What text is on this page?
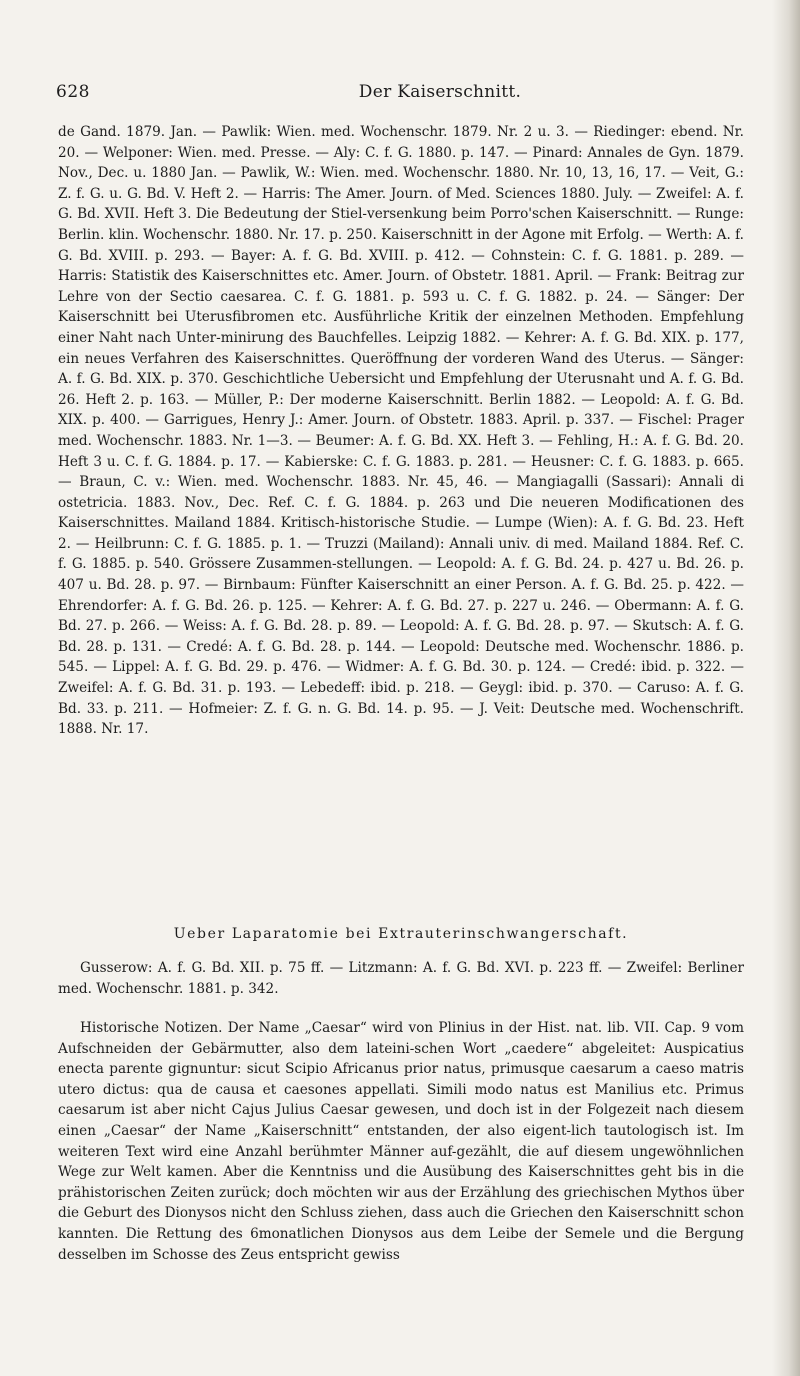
628	Der Kaiserschnitt.

de Gand. 1879. Jan. — Pawlik: Wien. med. Wochenschr. 1879. Nr. 2 u. 3. — Riedinger: ebend. Nr. 20. — Welponer: Wien. med. Presse. — Aly: C. f. G. 1880. p. 147. — Pinard: Annales de Gyn. 1879. Nov., Dec. u. 1880 Jan. — Pawlik, W.: Wien. med. Wochenschr. 1880. Nr. 10, 13, 16, 17. — Veit, G.: Z. f. G. u. G. Bd. V. Heft 2. — Harris: The Amer. Journ. of Med. Sciences 1880. July. — Zweifel: A. f. G. Bd. XVII. Heft 3. Die Bedeutung der Stiel-versenkung beim Porro'schen Kaiserschnitt. — Runge: Berlin. klin. Wochenschr. 1880. Nr. 17. p. 250. Kaiserschnitt in der Agone mit Erfolg. — Werth: A. f. G. Bd. XVIII. p. 293. — Bayer: A. f. G. Bd. XVIII. p. 412. — Cohnstein: C. f. G. 1881. p. 289. — Harris: Statistik des Kaiserschnittes etc. Amer. Journ. of Obstetr. 1881. April. — Frank: Beitrag zur Lehre von der Sectio caesarea. C. f. G. 1881. p. 593 u. C. f. G. 1882. p. 24. — Sänger: Der Kaiserschnitt bei Uterusfibromen etc. Ausführliche Kritik der einzelnen Methoden. Empfehlung einer Naht nach Unter-minirung des Bauchfelles. Leipzig 1882. — Kehrer: A. f. G. Bd. XIX. p. 177, ein neues Verfahren des Kaiserschnittes. Queröffnung der vorderen Wand des Uterus. — Sänger: A. f. G. Bd. XIX. p. 370. Geschichtliche Uebersicht und Empfehlung der Uterusnaht und A. f. G. Bd. 26. Heft 2. p. 163. — Müller, P.: Der moderne Kaiserschnitt. Berlin 1882. — Leopold: A. f. G. Bd. XIX. p. 400. — Garrigues, Henry J.: Amer. Journ. of Obstetr. 1883. April. p. 337. — Fischel: Prager med. Wochenschr. 1883. Nr. 1—3. — Beumer: A. f. G. Bd. XX. Heft 3. — Fehling, H.: A. f. G. Bd. 20. Heft 3 u. C. f. G. 1884. p. 17. — Kabierske: C. f. G. 1883. p. 281. — Heusner: C. f. G. 1883. p. 665. — Braun, C. v.: Wien. med. Wochenschr. 1883. Nr. 45, 46. — Mangiagalli (Sassari): Annali di ostetricia. 1883. Nov., Dec. Ref. C. f. G. 1884. p. 263 und Die neueren Modificationen des Kaiserschnittes. Mailand 1884. Kritisch-historische Studie. — Lumpe (Wien): A. f. G. Bd. 23. Heft 2. — Heilbrunn: C. f. G. 1885. p. 1. — Truzzi (Mailand): Annali univ. di med. Mailand 1884. Ref. C. f. G. 1885. p. 540. Grössere Zusammen-stellungen. — Leopold: A. f. G. Bd. 24. p. 427 u. Bd. 26. p. 407 u. Bd. 28. p. 97. — Birnbaum: Fünfter Kaiserschnitt an einer Person. A. f. G. Bd. 25. p. 422. — Ehrendorfer: A. f. G. Bd. 26. p. 125. — Kehrer: A. f. G. Bd. 27. p. 227 u. 246. — Obermann: A. f. G. Bd. 27. p. 266. — Weiss: A. f. G. Bd. 28. p. 89. — Leopold: A. f. G. Bd. 28. p. 97. — Skutsch: A. f. G. Bd. 28. p. 131. — Credé: A. f. G. Bd. 28. p. 144. — Leopold: Deutsche med. Wochenschr. 1886. p. 545. — Lippel: A. f. G. Bd. 29. p. 476. — Widmer: A. f. G. Bd. 30. p. 124. — Credé: ibid. p. 322. — Zweifel: A. f. G. Bd. 31. p. 193. — Lebedeff: ibid. p. 218. — Geygl: ibid. p. 370. — Caruso: A. f. G. Bd. 33. p. 211. — Hofmeier: Z. f. G. n. G. Bd. 14. p. 95. — J. Veit: Deutsche med. Wochenschrift. 1888. Nr. 17.

Ueber Laparatomie bei Extrauterinschwangerschaft.

Gusserow: A. f. G. Bd. XII. p. 75 ff. — Litzmann: A. f. G. Bd. XVI. p. 223 ff. — Zweifel: Berliner med. Wochenschr. 1881. p. 342.

Historische Notizen. Der Name „Caesar“ wird von Plinius in der Hist. nat. lib. VII. Cap. 9 vom Aufschneiden der Gebärmutter, also dem lateini-schen Wort „caedere“ abgeleitet: Auspicatius enecta parente gignuntur: sicut Scipio Africanus prior natus, primusque caesarum a caeso matris utero dictus: qua de causa et caesones appellati. Simili modo natus est Manilius etc. Primus caesarum ist aber nicht Cajus Julius Caesar gewesen, und doch ist in der Folgezeit nach diesem einen „Caesar“ der Name „Kaiserschnitt“ entstanden, der also eigent-lich tautologisch ist. Im weiteren Text wird eine Anzahl berühmter Männer auf-gezählt, die auf diesem ungewöhnlichen Wege zur Welt kamen. Aber die Kenntniss und die Ausübung des Kaiserschnittes geht bis in die prähistorischen Zeiten zurück; doch möchten wir aus der Erzählung des griechischen Mythos über die Geburt des Dionysos nicht den Schluss ziehen, dass auch die Griechen den Kaiserschnitt schon kannten. Die Rettung des 6monatlichen Dionysos aus dem Leibe der Semele und die Bergung desselben im Schosse des Zeus entspricht gewiss
